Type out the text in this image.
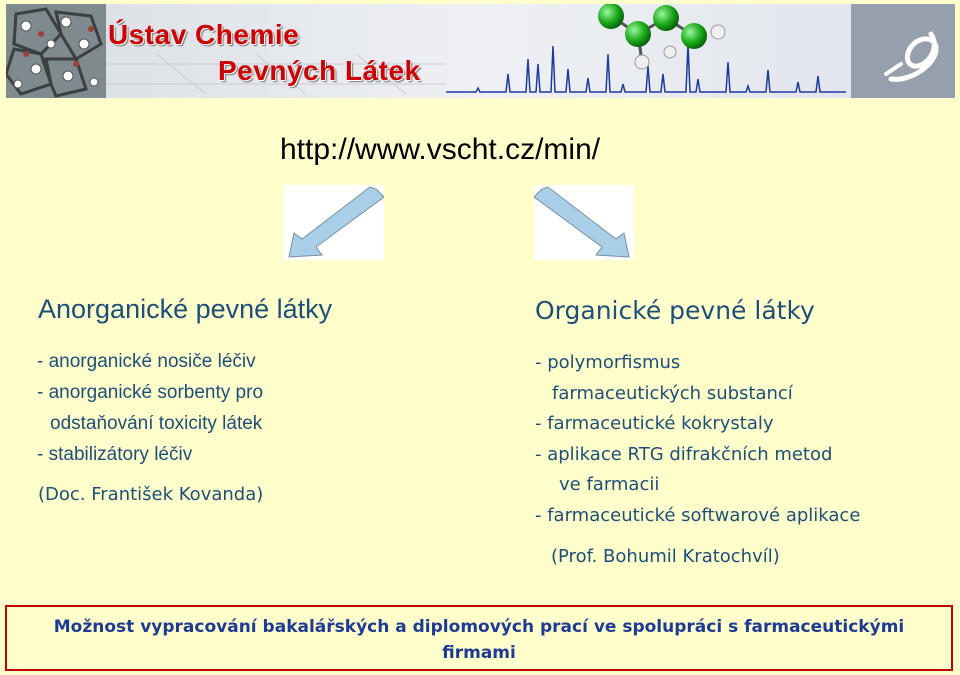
Ústav Chemie
Pevných Látek
http://www.vscht.cz/min/
Anorganické pevné látky
- anorganické nosiče léčiv
- anorganické sorbenty pro
odstaňování toxicity látek
- stabilizátory léčiv
(Doc. František Kovanda)
Organické pevné látky
- polymorfismus
farmaceutických substancí
- farmaceutické kokrystaly
- aplikace RTG difrakčních metod
ve farmacii
- farmaceutické softwarové aplikace
(Prof. Bohumil Kratochvíl)
Možnost vypracování bakalářských a diplomových prací ve spolupráci s farmaceutickými firmami
